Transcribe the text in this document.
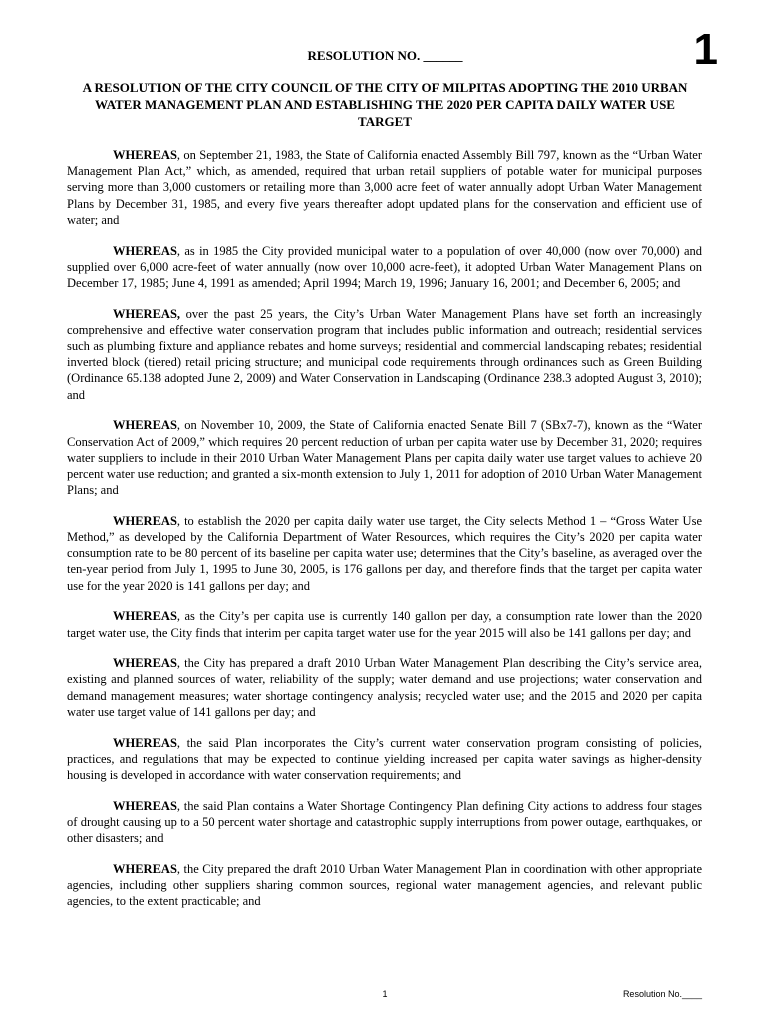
1
RESOLUTION NO. ______
A RESOLUTION OF THE CITY COUNCIL OF THE CITY OF MILPITAS ADOPTING THE 2010 URBAN WATER MANAGEMENT PLAN AND ESTABLISHING THE 2020 PER CAPITA DAILY WATER USE TARGET

WHEREAS, on September 21, 1983, the State of California enacted Assembly Bill 797, known as the “Urban Water Management Plan Act,” which, as amended, required that urban retail suppliers of potable water for municipal purposes serving more than 3,000 customers or retailing more than 3,000 acre feet of water annually adopt Urban Water Management Plans by December 31, 1985, and every five years thereafter adopt updated plans for the conservation and efficient use of water; and

WHEREAS, as in 1985 the City provided municipal water to a population of over 40,000 (now over 70,000) and supplied over 6,000 acre-feet of water annually (now over 10,000 acre-feet), it adopted Urban Water Management Plans on December 17, 1985; June 4, 1991 as amended; April 1994; March 19, 1996; January 16, 2001; and December 6, 2005; and

WHEREAS, over the past 25 years, the City’s Urban Water Management Plans have set forth an increasingly comprehensive and effective water conservation program that includes public information and outreach; residential services such as plumbing fixture and appliance rebates and home surveys; residential and commercial landscaping rebates; residential inverted block (tiered) retail pricing structure; and municipal code requirements through ordinances such as Green Building (Ordinance 65.138 adopted June 2, 2009) and Water Conservation in Landscaping (Ordinance 238.3 adopted August 3, 2010); and

WHEREAS, on November 10, 2009, the State of California enacted Senate Bill 7 (SBx7-7), known as the “Water Conservation Act of 2009,” which requires 20 percent reduction of urban per capita water use by December 31, 2020; requires water suppliers to include in their 2010 Urban Water Management Plans per capita daily water use target values to achieve 20 percent water use reduction; and granted a six-month extension to July 1, 2011 for adoption of 2010 Urban Water Management Plans; and

WHEREAS, to establish the 2020 per capita daily water use target, the City selects Method 1 – “Gross Water Use Method,” as developed by the California Department of Water Resources, which requires the City’s 2020 per capita water consumption rate to be 80 percent of its baseline per capita water use; determines that the City’s baseline, as averaged over the ten-year period from July 1, 1995 to June 30, 2005, is 176 gallons per day, and therefore finds that the target per capita water use for the year 2020 is 141 gallons per day; and

WHEREAS, as the City’s per capita use is currently 140 gallon per day, a consumption rate lower than the 2020 target water use, the City finds that interim per capita target water use for the year 2015 will also be 141 gallons per day; and

WHEREAS, the City has prepared a draft 2010 Urban Water Management Plan describing the City’s service area, existing and planned sources of water, reliability of the supply; water demand and use projections; water conservation and demand management measures; water shortage contingency analysis; recycled water use; and the 2015 and 2020 per capita water use target value of 141 gallons per day; and

WHEREAS, the said Plan incorporates the City’s current water conservation program consisting of policies, practices, and regulations that may be expected to continue yielding increased per capita water savings as higher-density housing is developed in accordance with water conservation requirements; and

WHEREAS, the said Plan contains a Water Shortage Contingency Plan defining City actions to address four stages of drought causing up to a 50 percent water shortage and catastrophic supply interruptions from power outage, earthquakes, or other disasters; and

WHEREAS, the City prepared the draft 2010 Urban Water Management Plan in coordination with other appropriate agencies, including other suppliers sharing common sources, regional water management agencies, and relevant public agencies, to the extent practicable; and

1	Resolution No.____
